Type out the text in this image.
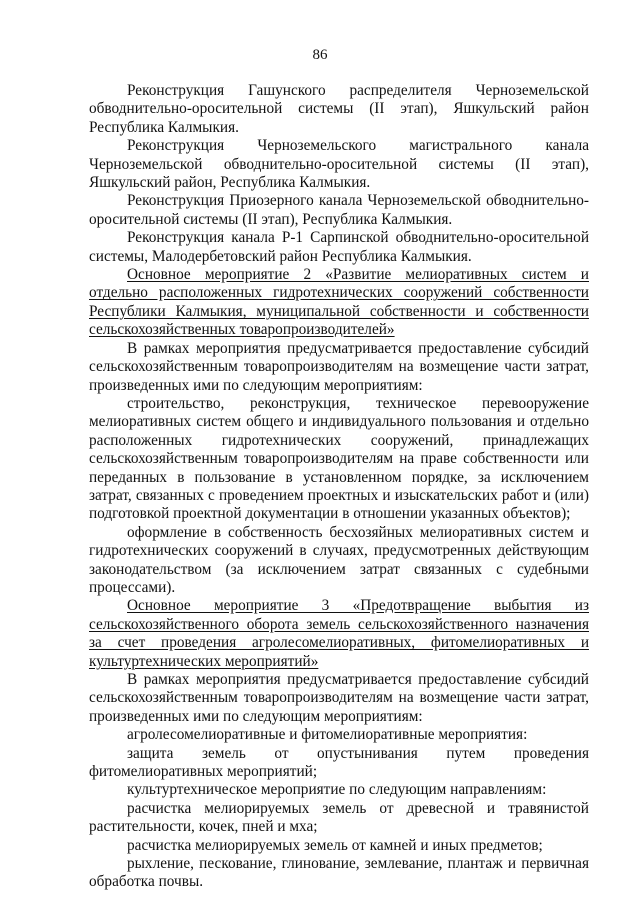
86

Реконструкция Гашунского распределителя Черноземельской обводнительно-оросительной системы (II этап), Яшкульский район Республика Калмыкия.

Реконструкция Черноземельского магистрального канала Черноземельской обводнительно-оросительной системы (II этап), Яшкульский район, Республика Калмыкия.

Реконструкция Приозерного канала Черноземельской обводнительно-оросительной системы (II этап), Республика Калмыкия.

Реконструкция канала Р-1 Сарпинской обводнительно-оросительной системы, Малодербетовский район Республика Калмыкия.

Основное мероприятие 2 «Развитие мелиоративных систем и отдельно расположенных гидротехнических сооружений собственности Республики Калмыкия, муниципальной собственности и собственности сельскохозяйственных товаропроизводителей»

В рамках мероприятия предусматривается предоставление субсидий сельскохозяйственным товаропроизводителям на возмещение части затрат, произведенных ими по следующим мероприятиям:

строительство, реконструкция, техническое перевооружение мелиоративных систем общего и индивидуального пользования и отдельно расположенных гидротехнических сооружений, принадлежащих сельскохозяйственным товаропроизводителям на праве собственности или переданных в пользование в установленном порядке, за исключением затрат, связанных с проведением проектных и изыскательских работ и (или) подготовкой проектной документации в отношении указанных объектов);

оформление в собственность бесхозяйных мелиоративных систем и гидротехнических сооружений в случаях, предусмотренных действующим законодательством (за исключением затрат связанных с судебными процессами).

Основное мероприятие 3 «Предотвращение выбытия из сельскохозяйственного оборота земель сельскохозяйственного назначения за счет проведения агролесомелиоративных, фитомелиоративных и культуртехнических мероприятий»

В рамках мероприятия предусматривается предоставление субсидий сельскохозяйственным товаропроизводителям на возмещение части затрат, произведенных ими по следующим мероприятиям:

агролесомелиоративные и фитомелиоративные мероприятия:

защита земель от опустынивания путем проведения фитомелиоративных мероприятий;

культуртехническое мероприятие по следующим направлениям:

расчистка мелиорируемых земель от древесной и травянистой растительности, кочек, пней и мха;

расчистка мелиорируемых земель от камней и иных предметов;

рыхление, пескование, глинование, землевание, плантаж и первичная обработка почвы.
